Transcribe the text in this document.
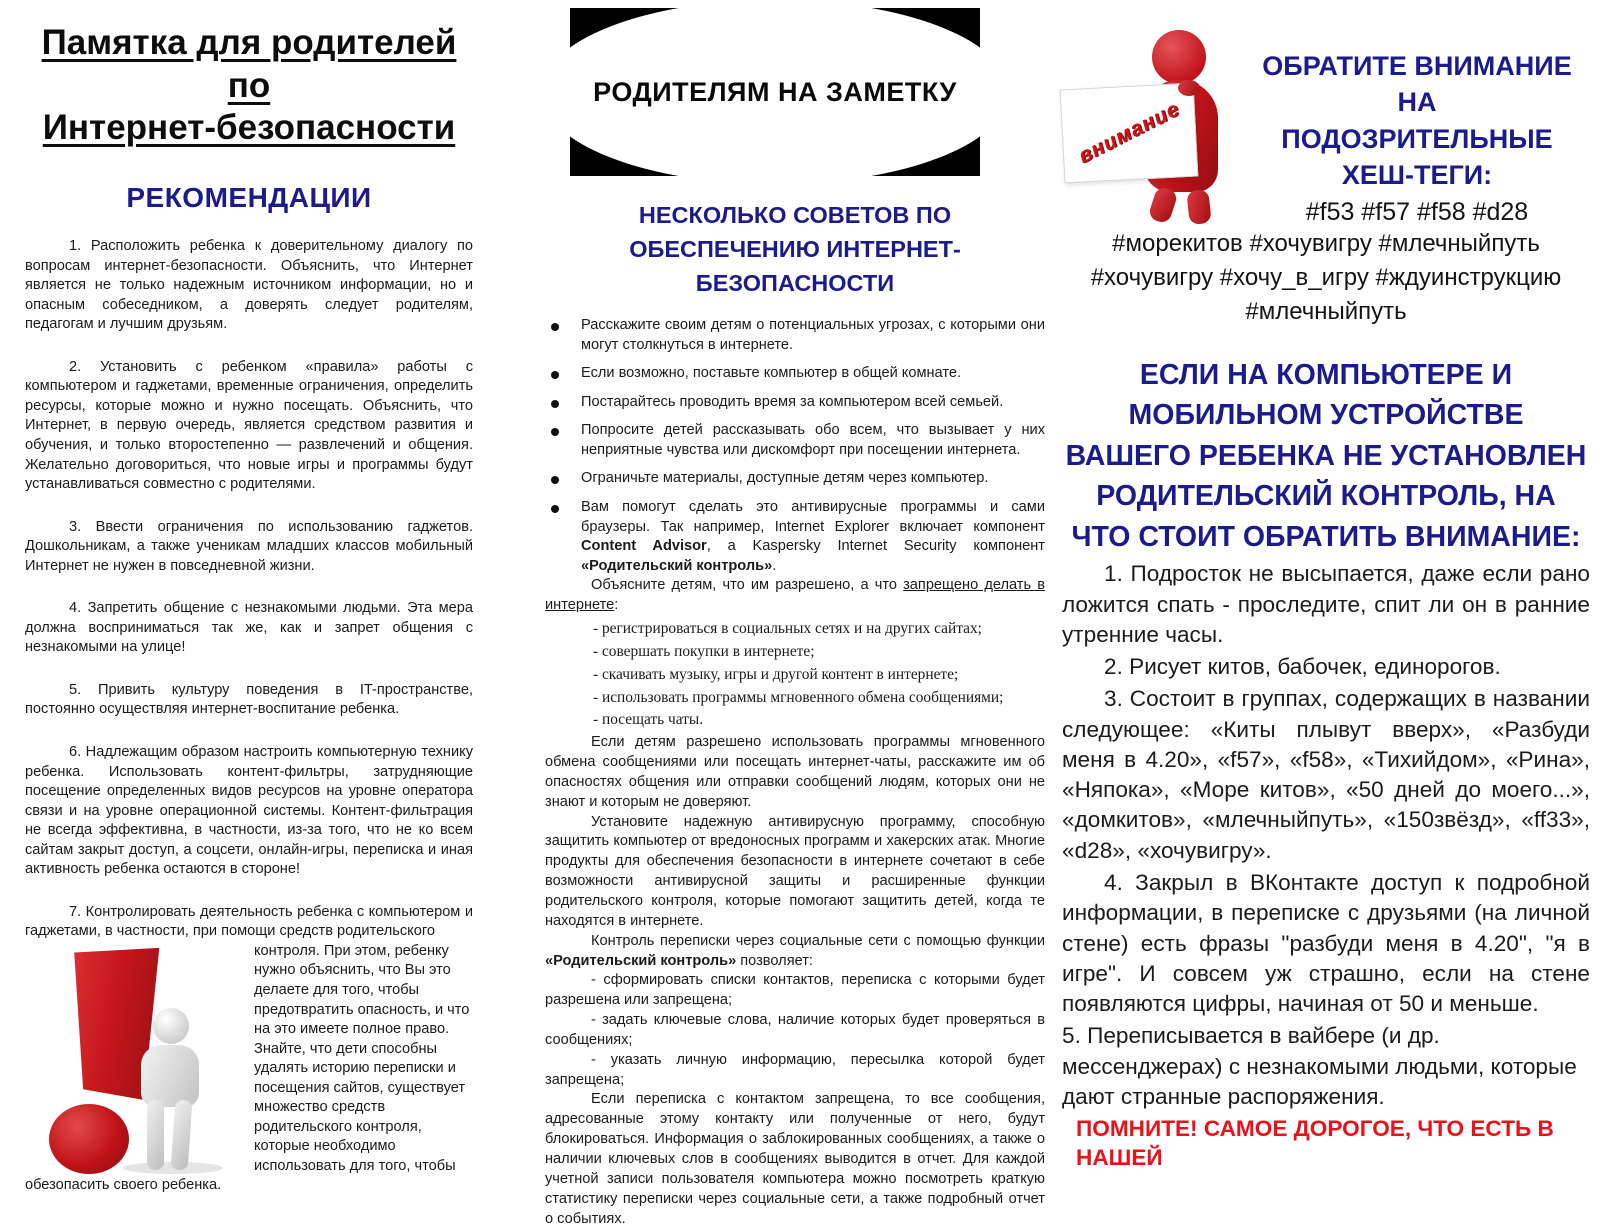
Памятка для родителей по
Интернет-безопасности
РЕКОМЕНДАЦИИ
1. Расположить ребенка к доверительному диалогу по вопросам интернет-безопасности. Объяснить, что Интернет является не только надежным источником информации, но и опасным собеседником, а доверять следует родителям, педагогам и лучшим друзьям.
2. Установить с ребенком «правила» работы с компьютером и гаджетами, временные ограничения, определить ресурсы, которые можно и нужно посещать. Объяснить, что Интернет, в первую очередь, является средством развития и обучения, и только второстепенно — развлечений и общения. Желательно договориться, что новые игры и программы будут устанавливаться совместно с родителями.
3. Ввести ограничения по использованию гаджетов. Дошкольникам, а также ученикам младших классов мобильный Интернет не нужен в повседневной жизни.
4. Запретить общение с незнакомыми людьми. Эта мера должна восприниматься так же, как и запрет общения с незнакомыми на улице!
5. Привить культуру поведения в IT-пространстве, постоянно осуществляя интернет-воспитание ребенка.
6. Надлежащим образом настроить компьютерную технику ребенка. Использовать контент-фильтры, затрудняющие посещение определенных видов ресурсов на уровне оператора связи и на уровне операционной системы. Контент-фильтрация не всегда эффективна, в частности, из-за того, что не ко всем сайтам закрыт доступ, а соцсети, онлайн-игры, переписка и иная активность ребенка остаются в стороне!
7. Контролировать деятельность ребенка с компьютером и гаджетами, в частности, при помощи средств родительского
контроля. При этом, ребенку нужно объяснить, что Вы это делаете для того, чтобы предотвратить опасность, и что на это имеете полное право. Знайте, что дети способны удалять историю переписки и посещения сайтов, существует множество средств родительского контроля, которые необходимо использовать для того, чтобы обезопасить своего ребенка.
РОДИТЕЛЯМ НА ЗАМЕТКУ
НЕСКОЛЬКО СОВЕТОВ ПО
ОБЕСПЕЧЕНИЮ ИНТЕРНЕТ-
БЕЗОПАСНОСТИ
Расскажите своим детям о потенциальных угрозах, с которыми они могут столкнуться в интернете.
Если возможно, поставьте компьютер в общей комнате.
Постарайтесь проводить время за компьютером всей семьей.
Попросите детей рассказывать обо всем, что вызывает у них неприятные чувства или дискомфорт при посещении интернета.
Ограничьте материалы, доступные детям через компьютер.
Вам помогут сделать это антивирусные программы и сами браузеры. Так например, Internet Explorer включает компонент Content Advisor, а Kaspersky Internet Security компонент «Родительский контроль».
Объясните детям, что им разрешено, а что запрещено делать в интернете:
- регистрироваться в социальных сетях и на других сайтах;
- совершать покупки в интернете;
- скачивать музыку, игры и другой контент в интернете;
- использовать программы мгновенного обмена сообщениями;
- посещать чаты.
Если детям разрешено использовать программы мгновенного обмена сообщениями или посещать интернет-чаты, расскажите им об опасностях общения или отправки сообщений людям, которых они не знают и которым не доверяют.
Установите надежную антивирусную программу, способную защитить компьютер от вредоносных программ и хакерских атак. Многие продукты для обеспечения безопасности в интернете сочетают в себе возможности антивирусной защиты и расширенные функции родительского контроля, которые помогают защитить детей, когда те находятся в интернете.
Контроль переписки через социальные сети с помощью функции «Родительский контроль» позволяет:
- сформировать списки контактов, переписка с которыми будет разрешена или запрещена;
- задать ключевые слова, наличие которых будет проверяться в сообщениях;
- указать личную информацию, пересылка которой будет запрещена;
Если переписка с контактом запрещена, то все сообщения, адресованные этому контакту или полученные от него, будут блокироваться. Информация о заблокированных сообщениях, а также о наличии ключевых слов в сообщениях выводится в отчет. Для каждой учетной записи пользователя компьютера можно посмотреть краткую статистику переписки через социальные сети, а также подробный отчет о событиях.
внимание
ОБРАТИТЕ ВНИМАНИЕ
НА
ПОДОЗРИТЕЛЬНЫЕ
ХЕШ-ТЕГИ:
#f53 #f57 #f58 #d28
#морекитов #хочувигру #млечныйпуть
#хочувигру #хочу_в_игру #ждуинструкцию
#млечныйпуть
ЕСЛИ НА КОМПЬЮТЕРЕ И
МОБИЛЬНОМ УСТРОЙСТВЕ
ВАШЕГО РЕБЕНКА НЕ УСТАНОВЛЕН
РОДИТЕЛЬСКИЙ КОНТРОЛЬ, НА
ЧТО СТОИТ ОБРАТИТЬ ВНИМАНИЕ:
1. Подросток не высыпается, даже если рано ложится спать - проследите, спит ли он в ранние утренние часы.
2. Рисует китов, бабочек, единорогов.
3. Состоит в группах, содержащих в названии следующее: «Киты плывут вверх», «Разбуди меня в 4.20», «f57», «f58», «Тихийдом», «Рина», «Няпока», «Море китов», «50 дней до моего...», «домкитов», «млечныйпуть», «150звёзд», «ff33», «d28», «хочувигру».
4. Закрыл в ВКонтакте доступ к подробной информации, в переписке с друзьями (на личной стене) есть фразы "разбуди меня в 4.20", "я в игре". И совсем уж страшно, если на стене появляются цифры, начиная от 50 и меньше.
5. Переписывается в вайбере (и др. мессенджерах) с незнакомыми людьми, которые дают странные распоряжения.
ПОМНИТЕ! САМОЕ ДОРОГОЕ, ЧТО ЕСТЬ В НАШЕЙ
